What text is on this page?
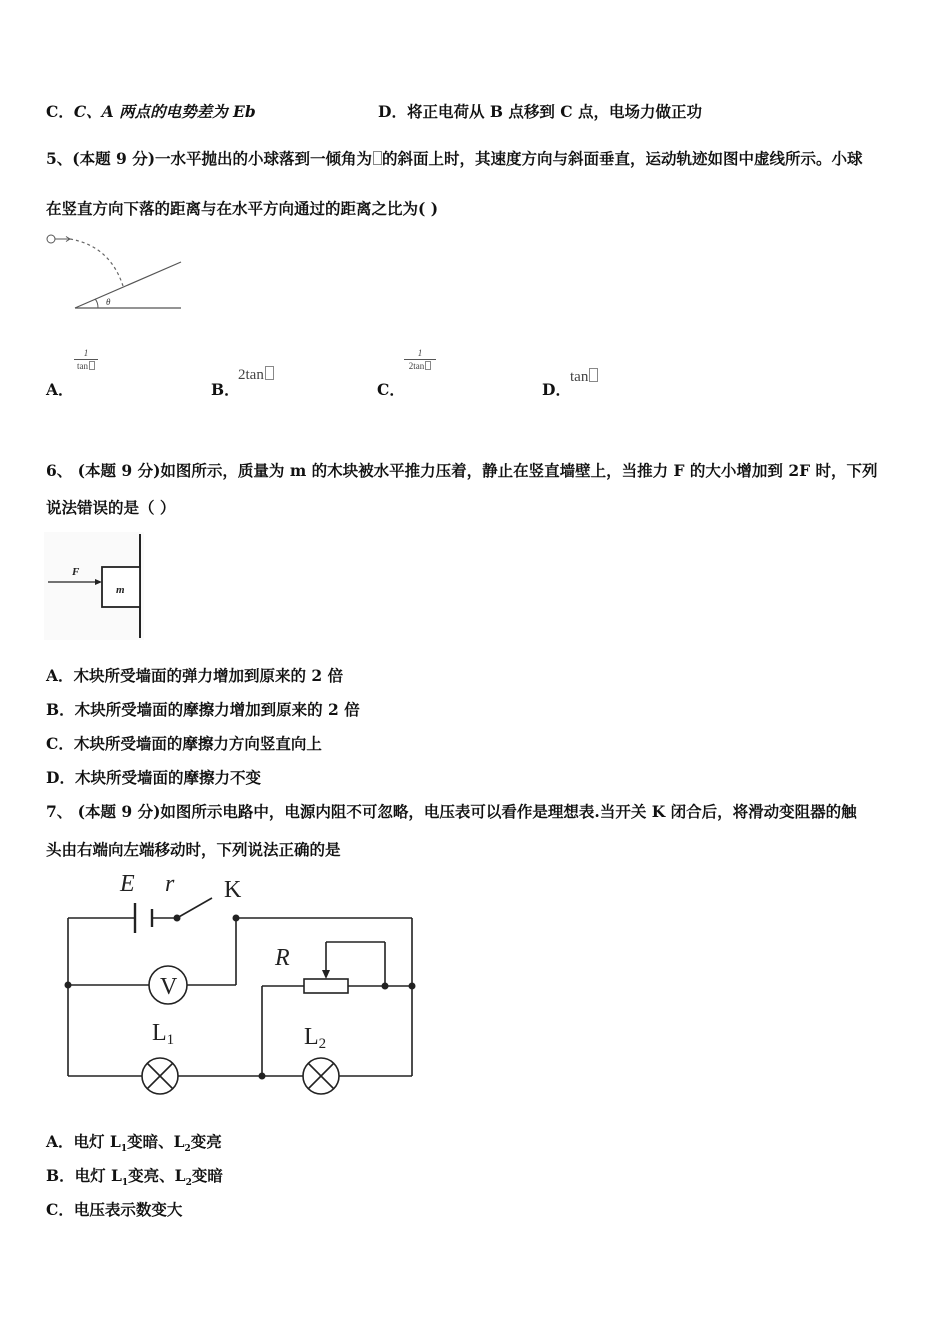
C．C、A 两点的电势差为 Eb	D．将正电荷从 B 点移到 C 点，电场力做正功
5、(本题 9 分)一水平抛出的小球落到一倾角为 的斜面上时，其速度方向与斜面垂直，运动轨迹如图中虚线所示。小球
在竖直方向下落的距离与在水平方向通过的距离之比为( )
θ
A．
1
tan
B．
2tan
C．
1
2tan
D．
tan
6、 (本题 9 分)如图所示，质量为 m 的木块被水平推力压着，静止在竖直墙壁上，当推力 F 的大小增加到 2F 时，下列
说法错误的是（ ）
m
F
A．木块所受墙面的弹力增加到原来的 2 倍
B．木块所受墙面的摩擦力增加到原来的 2 倍
C．木块所受墙面的摩擦力方向竖直向上
D．木块所受墙面的摩擦力不变
7、 (本题 9 分)如图所示电路中，电源内阻不可忽略，电压表可以看作是理想表.当开关 K 闭合后，将滑动变阻器的触
头由右端向左端移动时，下列说法正确的是
E r K
V
R
L1	L2
A．电灯 $L_1$变暗、$L_2$变亮
B．电灯 $L_1$变亮、$L_2$变暗
C．电压表示数变大
